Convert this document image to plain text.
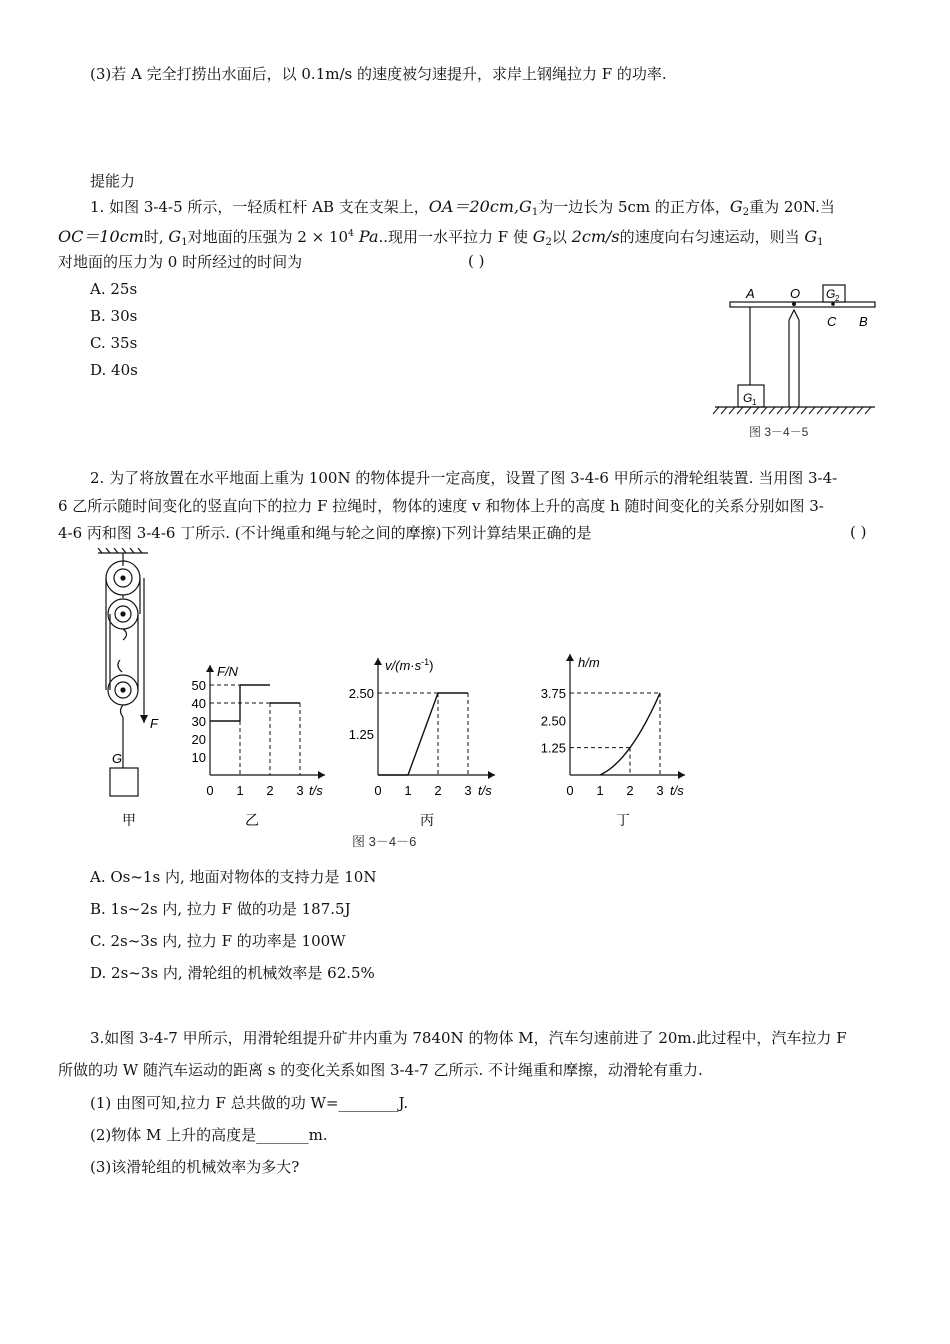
(3)若 A 完全打捞出水面后，以 0.1m/s 的速度被匀速提升，求岸上钢绳拉力 F 的功率.
提能力
1. 如图 3-4-5 所示，一轻质杠杆 AB 支在支架上，$OA=20cm,G_1$为一边长为 5cm 的正方体，$G_2$重为 20N.当
OC＝10cm时, $G_1$对地面的压强为 $2 \times 10^4$ Pa..现用一水平拉力 F 使 $G_2$以 2cm/s的速度向右匀速运动，则当 $G_1$
对地面的压力为 0 时所经过的时间为	( )
A. 25s
B. 30s
C. 35s
D. 40s
A	O
C B
G 1
G 2
图 3－4－5
2. 为了将放置在水平地面上重为 100N 的物体提升一定高度，设置了图 3-4-6 甲所示的滑轮组装置. 当用图 3-4-
6 乙所示随时间变化的竖直向下的拉力 F 拉绳时，物体的速度 v 和物体上升的高度 h 随时间变化的关系分别如图 3-
4-6 丙和图 3-4-6 丁所示. (不计绳重和绳与轮之间的摩擦)下列计算结果正确的是	( )
F
G
甲
F/N
50
40
30
20
10
0 1 2 3 t/s
乙
$v/(m\cdot s^{-1})$
2.50
1.25
0 1 2 3 t/s
丙
h/m
3.75
2.50
1.25
0 1 2 3 t/s
丁
图 3－4－6
A. Os~1s 内, 地面对物体的支持力是 10N
B. 1s~2s 内, 拉力 F 做的功是 187.5J
C. 2s~3s 内, 拉力 F 的功率是 100W
D. 2s~3s 内, 滑轮组的机械效率是 62.5%
3.如图 3-4-7 甲所示，用滑轮组提升矿井内重为 7840N 的物体 M，汽车匀速前进了 20m.此过程中，汽车拉力 F
所做的功 W 随汽车运动的距离 s 的变化关系如图 3-4-7 乙所示. 不计绳重和摩擦，动滑轮有重力.
(1) 由图可知,拉力 F 总共做的功 W=________J.
(2)物体 M 上升的高度是_______m.
(3)该滑轮组的机械效率为多大?
